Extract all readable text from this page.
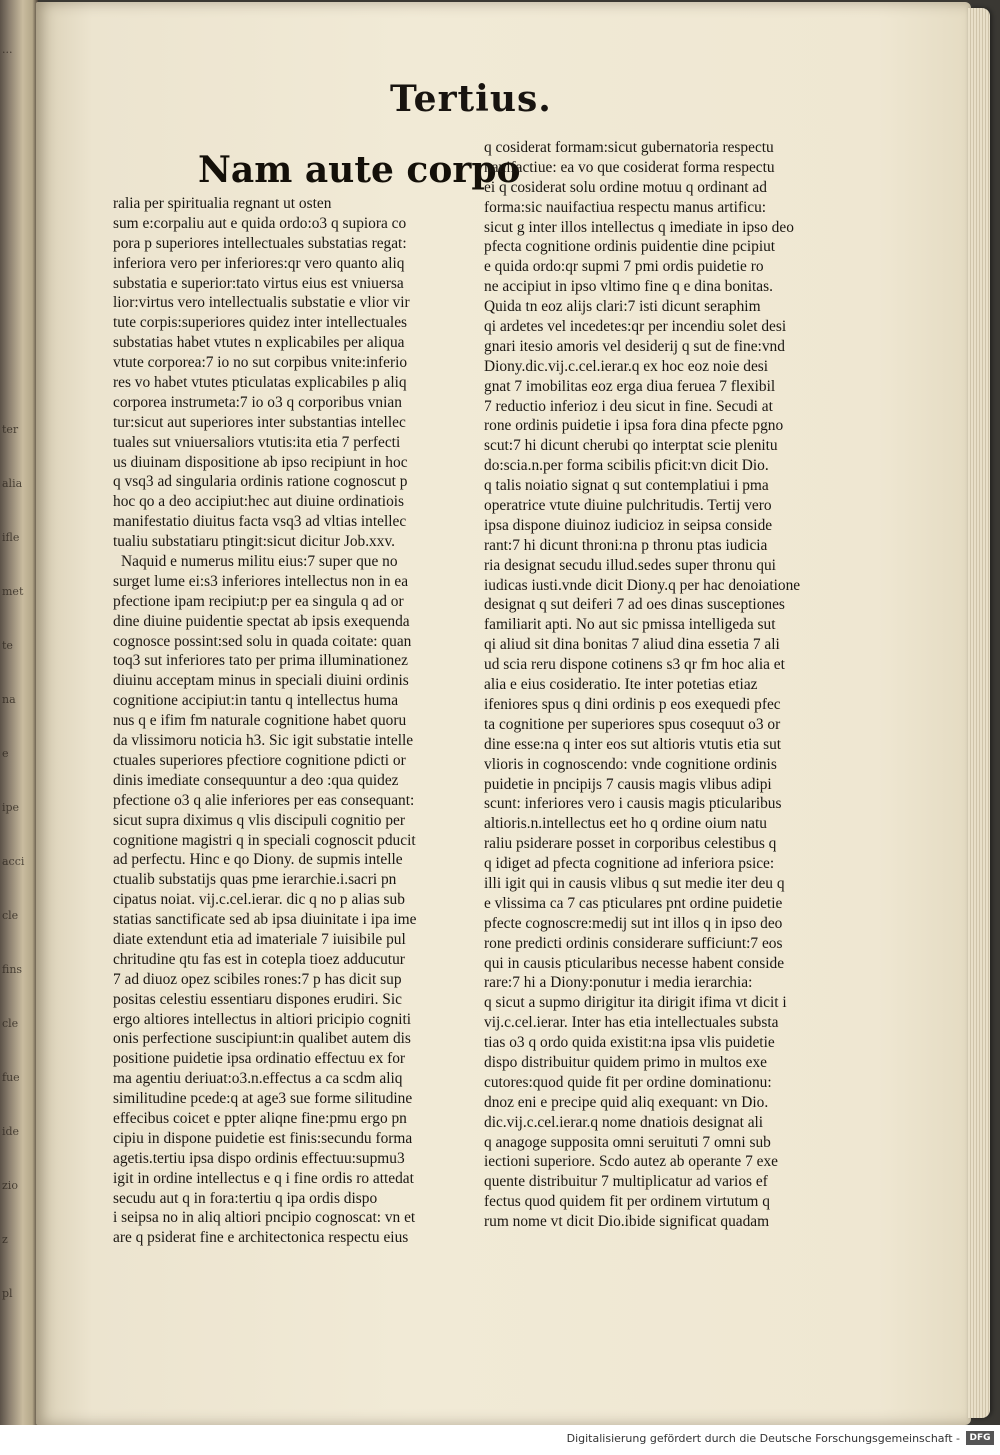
...
ter
alia
ifle
met
te
na
e
ipe
acci
cle
fins
cle
fue
ide
zio
z
pl
Tertius.
Nam aute corpo
ralia per spiritualia regnant ut osten
sum e:corpaliu aut e quida ordo:o3 q supiora co
pora p superiores intellectuales substatias regat:
inferiora vero per inferiores:qr vero quanto aliq
substatia e superior:tato virtus eius est vniuersa
lior:virtus vero intellectualis substatie e vlior vir
tute corpis:superiores quidez inter intellectuales
substatias habet vtutes n explicabiles per aliqua
vtute corporea:7 io no sut corpibus vnite:inferio
res vo habet vtutes pticulatas explicabiles p aliq
corporea instrumeta:7 io o3 q corporibus vnian
tur:sicut aut superiores inter substantias intellec
tuales sut vniuersaliors vtutis:ita etia 7 perfecti
us diuinam dispositione ab ipso recipiunt in hoc
q vsq3 ad singularia ordinis ratione cognoscut p
hoc qo a deo accipiut:hec aut diuine ordinatiois
manifestatio diuitus facta vsq3 ad vltias intellec
tualiu substatiaru ptingit:sicut dicitur Job.xxv.
Naquid e numerus militu eius:7 super que no
surget lume ei:s3 inferiores intellectus non in ea
pfectione ipam recipiut:p per ea singula q ad or
dine diuine puidentie spectat ab ipsis exequenda
cognosce possint:sed solu in quada coitate: quan
toq3 sut inferiores tato per prima illuminationez
diuinu acceptam minus in speciali diuini ordinis
cognitione accipiut:in tantu q intellectus huma
nus q e ifim fm naturale cognitione habet quoru
da vlissimoru noticia h3. Sic igit substatie intelle
ctuales superiores pfectiore cognitione pdicti or
dinis imediate consequuntur a deo :qua quidez
pfectione o3 q alie inferiores per eas consequant:
sicut supra diximus q vlis discipuli cognitio per
cognitione magistri q in speciali cognoscit pducit
ad perfectu. Hinc e qo Diony. de supmis intelle
ctualib substatijs quas pme ierarchie.i.sacri pn
cipatus noiat. vij.c.cel.ierar. dic q no p alias sub
statias sanctificate sed ab ipsa diuinitate i ipa ime
diate extendunt etia ad imateriale 7 iuisibile pul
chritudine qtu fas est in cotepla tioez adducutur
7 ad diuoz opez scibiles rones:7 p has dicit sup
positas celestiu essentiaru dispones erudiri. Sic
ergo altiores intellectus in altiori pricipio cogniti
onis perfectione suscipiunt:in qualibet autem dis
positione puidetie ipsa ordinatio effectuu ex for
ma agentiu deriuat:o3.n.effectus a ca scdm aliq
similitudine pcede:q at age3 sue forme silitudine
effecibus coicet e ppter aliqne fine:pmu ergo pn
cipiu in dispone puidetie est finis:secundu forma
agetis.tertiu ipsa dispo ordinis effectuu:supmu3
igit in ordine intellectus e q i fine ordis ro attedat
secudu aut q in fora:tertiu q ipa ordis dispo
i seipsa no in aliq altiori pncipio cognoscat: vn et
are q psiderat fine e architectonica respectu eius
q cosiderat formam:sicut gubernatoria respectu
nauifactiue: ea vo que cosiderat forma respectu
ei q cosiderat solu ordine motuu q ordinant ad
forma:sic nauifactiua respectu manus artificu:
sicut g inter illos intellectus q imediate in ipso deo
pfecta cognitione ordinis puidentie dine pcipiut
e quida ordo:qr supmi 7 pmi ordis puidetie ro
ne accipiut in ipso vltimo fine q e dina bonitas.
Quida tn eoz alijs clari:7 isti dicunt seraphim
qi ardetes vel incedetes:qr per incendiu solet desi
gnari itesio amoris vel desiderij q sut de fine:vnd
Diony.dic.vij.c.cel.ierar.q ex hoc eoz noie desi
gnat 7 imobilitas eoz erga diua feruea 7 flexibil
7 reductio inferioz i deu sicut in fine. Secudi at
rone ordinis puidetie i ipsa fora dina pfecte pgno
scut:7 hi dicunt cherubi qo interptat scie plenitu
do:scia.n.per forma scibilis pficit:vn dicit Dio.
q talis noiatio signat q sut contemplatiui i pma
operatrice vtute diuine pulchritudis. Tertij vero
ipsa dispone diuinoz iudicioz in seipsa conside
rant:7 hi dicunt throni:na p thronu ptas iudicia
ria designat secudu illud.sedes super thronu qui
iudicas iusti.vnde dicit Diony.q per hac denoiatione
designat q sut deiferi 7 ad oes dinas susceptiones
familiarit apti. No aut sic pmissa intelligeda sut
qi aliud sit dina bonitas 7 aliud dina essetia 7 ali
ud scia reru dispone cotinens s3 qr fm hoc alia et
alia e eius cosideratio. Ite inter potetias etiaz
ifeniores spus q dini ordinis p eos exequedi pfec
ta cognitione per superiores spus cosequut o3 or
dine esse:na q inter eos sut altioris vtutis etia sut
vlioris in cognoscendo: vnde cognitione ordinis
puidetie in pncipijs 7 causis magis vlibus adipi
scunt: inferiores vero i causis magis pticularibus
altioris.n.intellectus eet ho q ordine oium natu
raliu psiderare posset in corporibus celestibus q
q idiget ad pfecta cognitione ad inferiora psice:
illi igit qui in causis vlibus q sut medie iter deu q
e vlissima ca 7 cas pticulares pnt ordine puidetie
pfecte cognoscre:medij sut int illos q in ipso deo
rone predicti ordinis considerare sufficiunt:7 eos
qui in causis pticularibus necesse habent conside
rare:7 hi a Diony:ponutur i media ierarchia:
q sicut a supmo dirigitur ita dirigit ifima vt dicit i
vij.c.cel.ierar. Inter has etia intellectuales substa
tias o3 q ordo quida existit:na ipsa vlis puidetie
dispo distribuitur quidem primo in multos exe
cutores:quod quide fit per ordine dominationu:
dnoz eni e precipe quid aliq exequant: vn Dio.
dic.vij.c.cel.ierar.q nome dnatiois designat ali
q anagoge supposita omni seruituti 7 omni sub
iectioni superiore. Scdo autez ab operante 7 exe
quente distribuitur 7 multiplicatur ad varios ef
fectus quod quidem fit per ordinem virtutum q
rum nome vt dicit Dio.ibide significat quadam
Digitalisierung gefördert durch die Deutsche Forschungsgemeinschaft -	DFG
